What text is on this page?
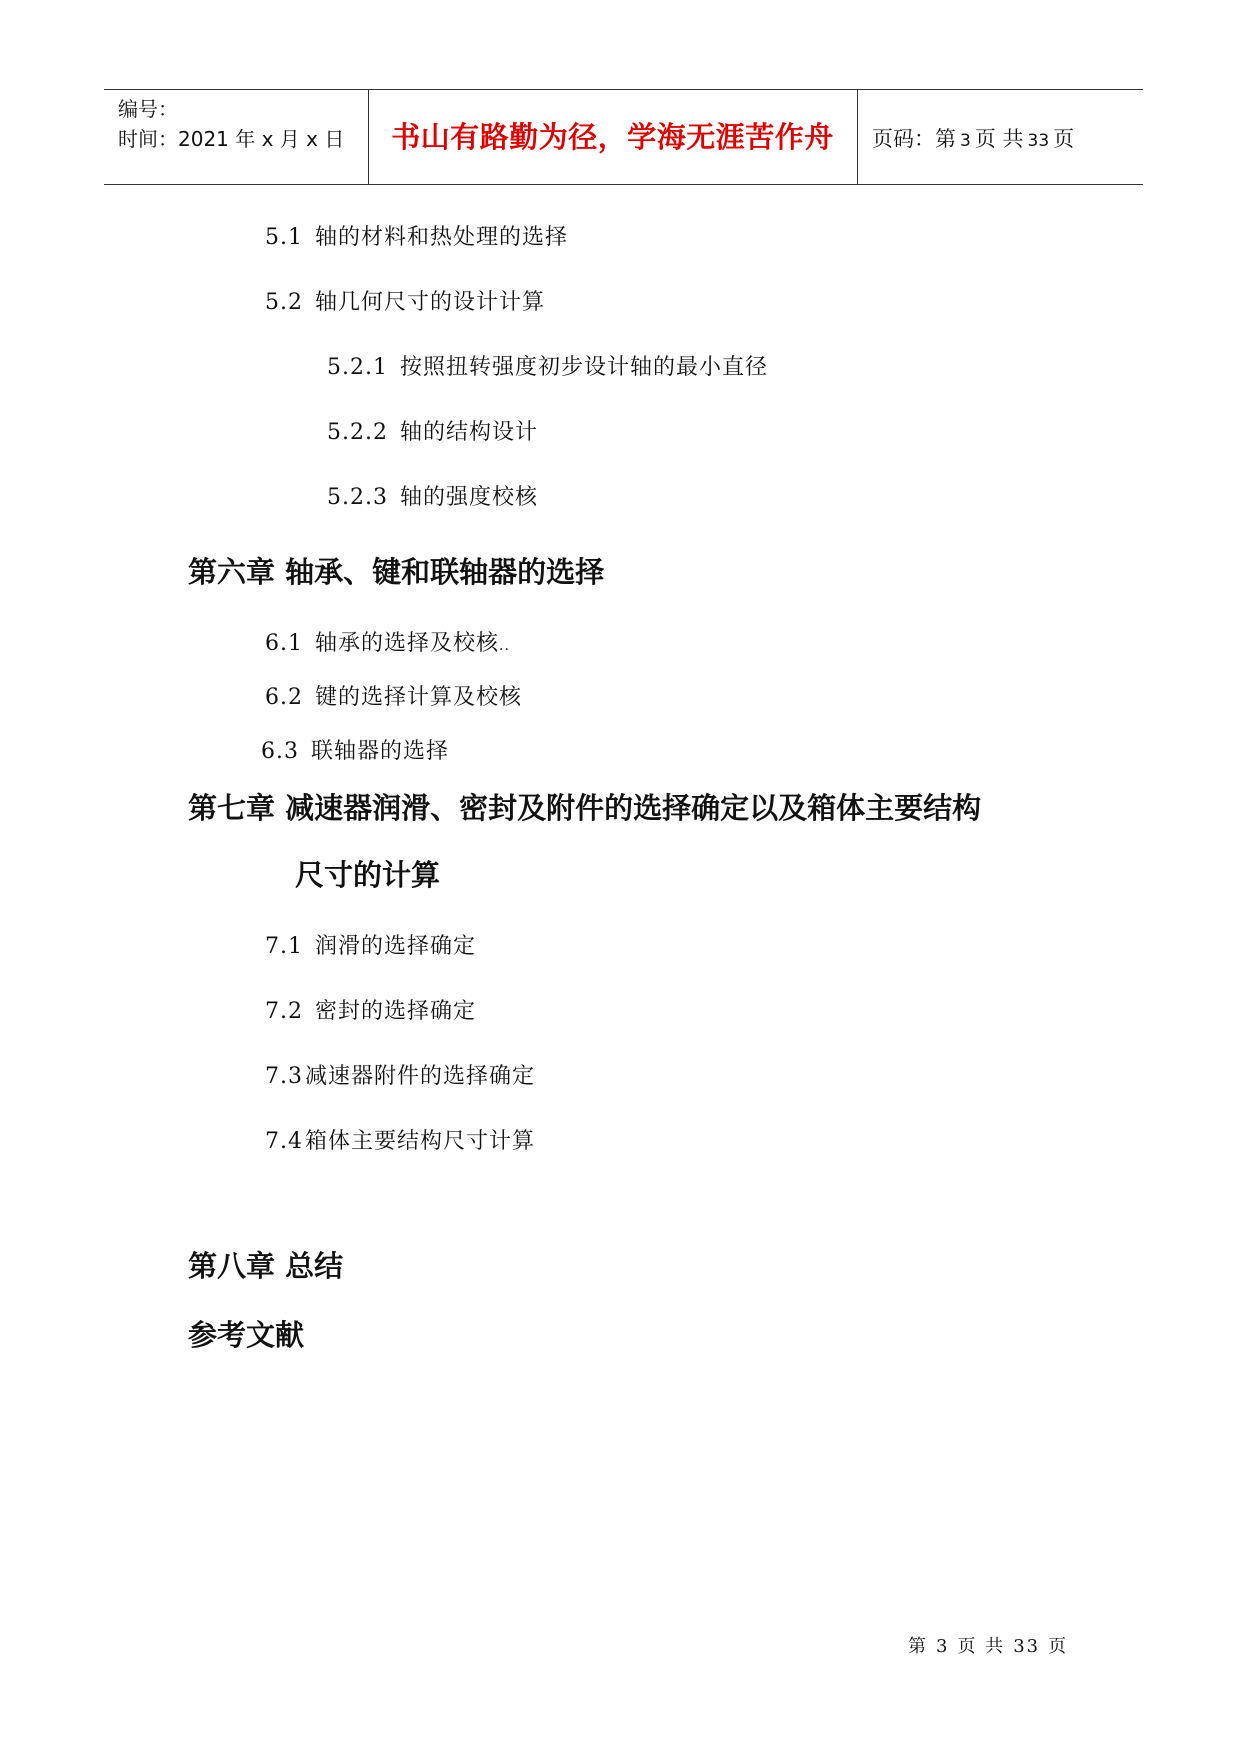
编号：
时间：2021 年 x 月 x 日	书山有路勤为径，学海无涯苦作舟	页码：第 3 页 共 33 页
5.1 轴的材料和热处理的选择
5.2 轴几何尺寸的设计计算
5.2.1 按照扭转强度初步设计轴的最小直径
5.2.2 轴的结构设计
5.2.3 轴的强度校核
第六章 轴承、键和联轴器的选择
6.1 轴承的选择及校核..
6.2 键的选择计算及校核
6.3 联轴器的选择
第七章 减速器润滑、密封及附件的选择确定以及箱体主要结构
尺寸的计算
7.1 润滑的选择确定
7.2 密封的选择确定
7.3减速器附件的选择确定
7.4箱体主要结构尺寸计算
第八章 总结
参考文献
第 3 页 共 33 页
